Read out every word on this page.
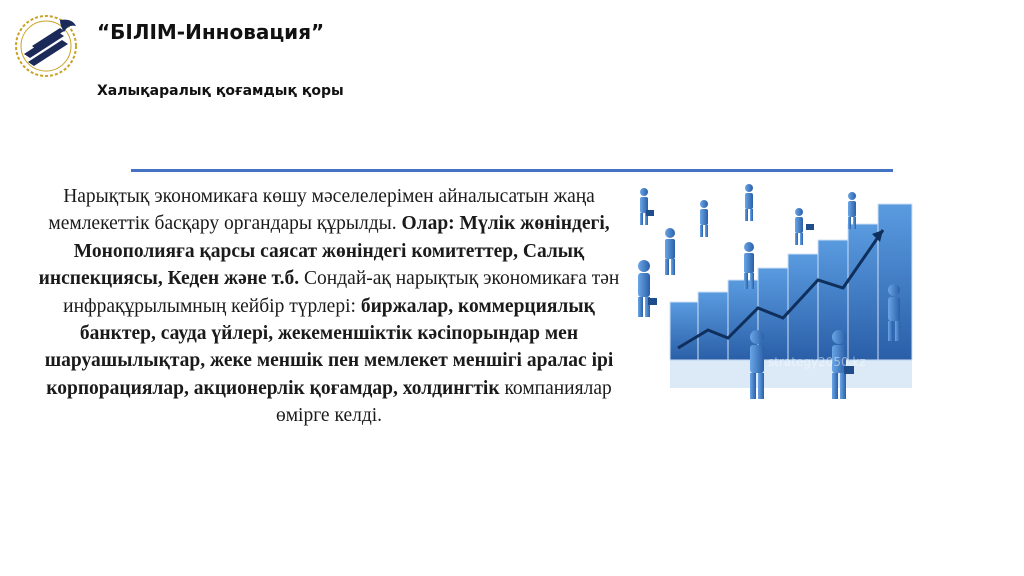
“БІЛІМ-Инновация”
Халықаралық қоғамдық қоры
Нарықтық экономикаға көшу мәселелерімен айналысатын жаңа мемлекеттік басқару органдары құрылды. Олар: Мүлік жөніндегі, Монополияға қарсы саясат жөніндегі комитеттер, Салық инспекциясы, Кеден және т.б. Сондай-ақ нарықтық экономикаға тән инфрақұрылымның кейбір түрлері: биржалар, коммерциялық банктер, сауда үйлері, жекеменшіктік кәсіпорындар мен шаруашылықтар, жеке меншік пен мемлекет меншігі аралас ірі корпорациялар, акционерлік қоғамдар, холдингтік компаниялар өмірге келді.
strategy2050.kz
